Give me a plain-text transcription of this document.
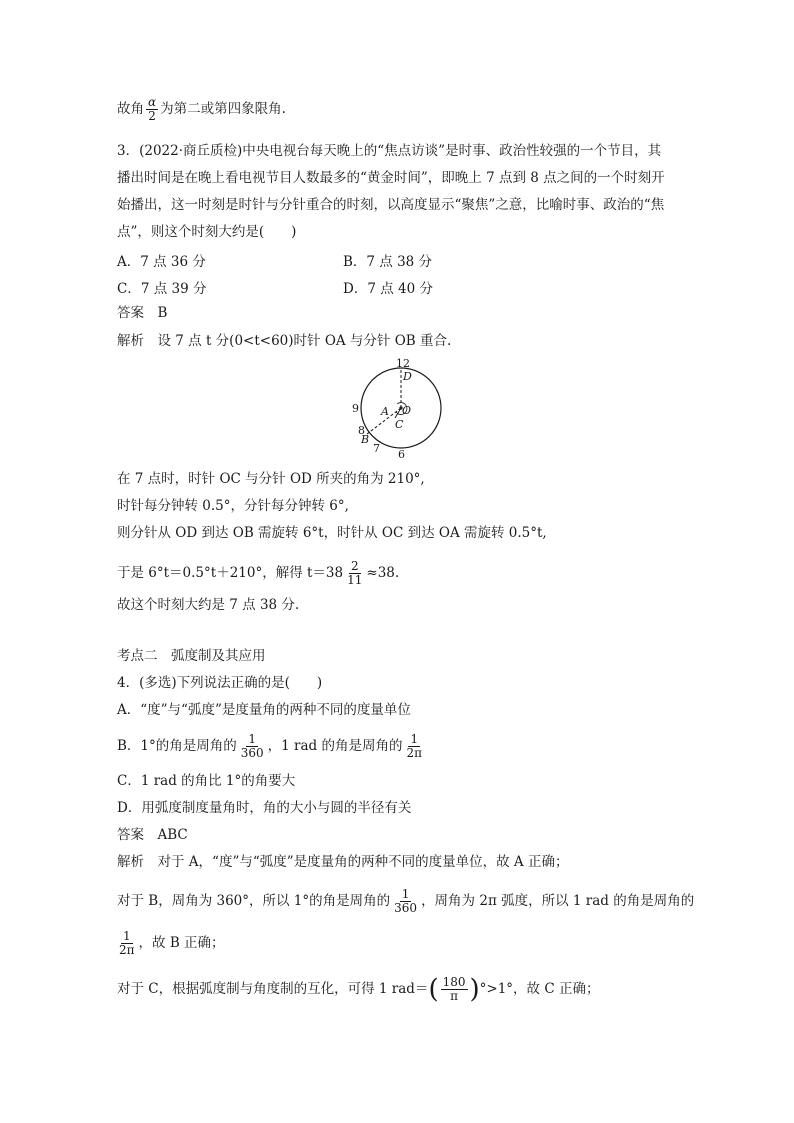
故角 $\frac{\alpha}{2}$ 为第二或第四象限角.
3．(2022·商丘质检)中央电视台每天晚上的“焦点访谈”是时事、政治性较强的一个节目，其
播出时间是在晚上看电视节目人数最多的“黄金时间”，即晚上 7 点到 8 点之间的一个时刻开
始播出，这一时刻是时针与分针重合的时刻，以高度显示“聚焦”之意，比喻时事、政治的“焦
点”，则这个时刻大约是(　　)
A．7 点 36 分	B．7 点 38 分
C．7 点 39 分	D．7 点 40 分
答案　B
解析　设 7 点 t 分(0<t<60)时针 OA 与分针 OB 重合.
12
D
9	O
A
C
8
B
7 6
在 7 点时，时针 OC 与分针 OD 所夹的角为 210°,
时针每分钟转 0.5°，分针每分钟转 6°,
则分针从 OD 到达 OB 需旋转 6°t，时针从 OC 到达 OA 需旋转 0.5°t,
于是 6°t＝0.5°t＋210°，解得 $t=38 \frac{2}{11} \approx 38$.
故这个时刻大约是 7 点 38 分.
考点二　弧度制及其应用
4．(多选)下列说法正确的是(　　)
A．“度”与“弧度”是度量角的两种不同的度量单位
B．1°的角是周角的 $\frac{1}{360}$ ，1 rad 的角是周角的 $\frac{1}{2\pi}$
C．1 rad 的角比 1°的角要大
D．用弧度制度量角时，角的大小与圆的半径有关
答案　ABC
解析　对于 A，“度”与“弧度”是度量角的两种不同的度量单位，故 A 正确；
对于 B，周角为 360°，所以 1°的角是周角的 $\frac{1}{360}$ ，周角为 2π 弧度，所以 1 rad 的角是周角的
$\frac{1}{2\pi}$ ，故 B 正确；
对于 C，根据弧度制与角度制的互化，可得 1 $rad=( \frac{180}{\pi} )^\circ>1^\circ$，故 C 正确；
